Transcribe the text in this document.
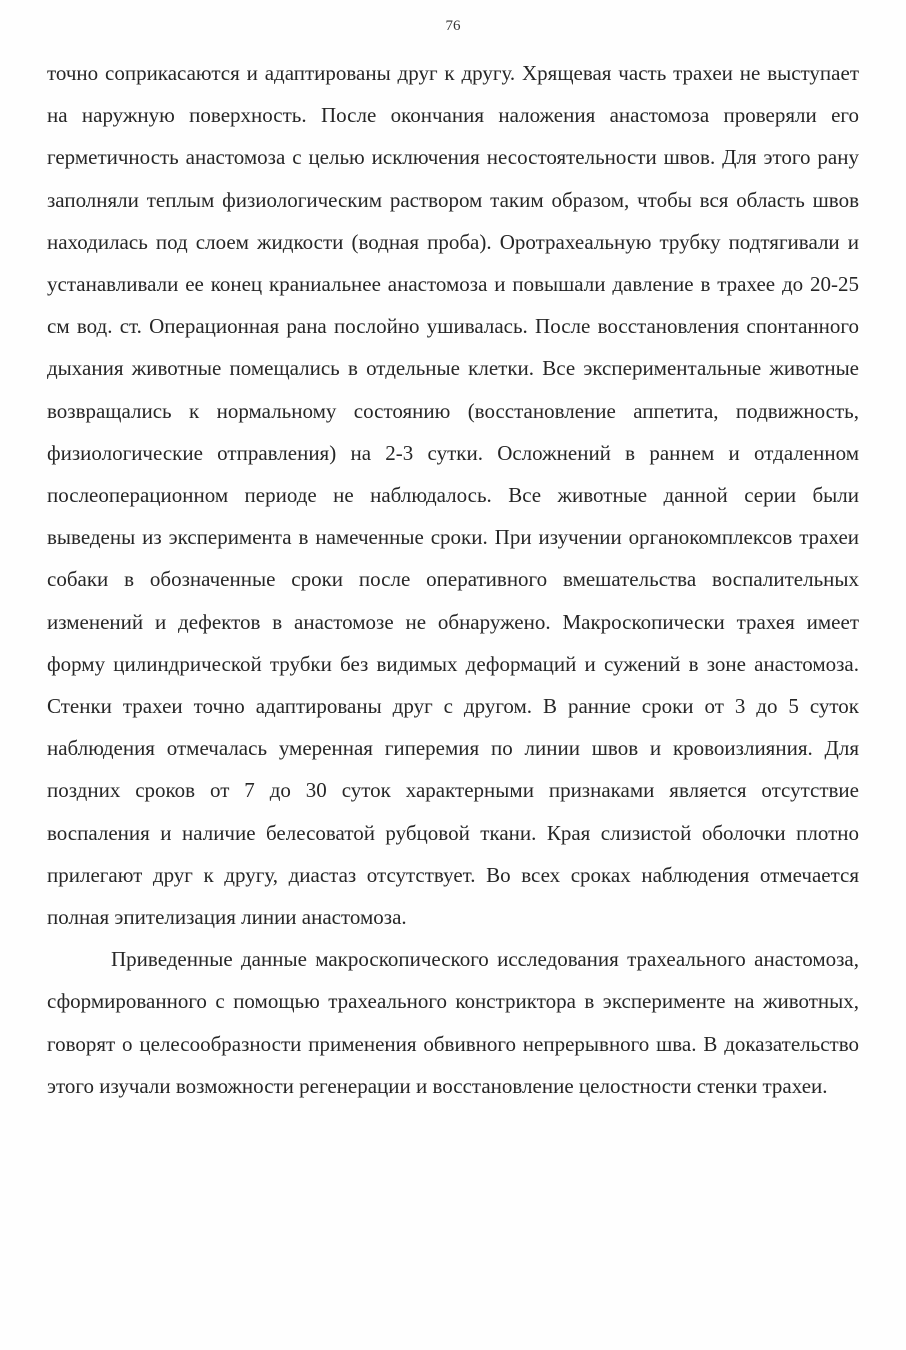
76

точно соприкасаются и адаптированы друг к другу. Хрящевая часть трахеи не выступает на наружную поверхность. После окончания наложения анастомоза проверяли его герметичность анастомоза с целью исключения несостоятельности швов. Для этого рану заполняли теплым физиологическим раствором таким образом, чтобы вся область швов находилась под слоем жидкости (водная проба). Оротрахеальную трубку подтягивали и устанавливали ее конец краниальнее анастомоза и повышали давление в трахее до 20-25 см вод. ст. Операционная рана послойно ушивалась. После восстановления спонтанного дыхания животные помещались в отдельные клетки. Все экспериментальные животные возвращались к нормальному состоянию (восстановление аппетита, подвижность, физиологические отправления) на 2-3 сутки. Осложнений в раннем и отдаленном послеоперационном периоде не наблюдалось. Все животные данной серии были выведены из эксперимента в намеченные сроки. При изучении органокомплексов трахеи собаки в обозначенные сроки после оперативного вмешательства воспалительных изменений и дефектов в анастомозе не обнаружено. Макроскопически трахея имеет форму цилиндрической трубки без видимых деформаций и сужений в зоне анастомоза. Стенки трахеи точно адаптированы друг с другом. В ранние сроки от 3 до 5 суток наблюдения отмечалась умеренная гиперемия по линии швов и кровоизлияния. Для поздних сроков от 7 до 30 суток характерными признаками является отсутствие воспаления и наличие белесоватой рубцовой ткани. Края слизистой оболочки плотно прилегают друг к другу, диастаз отсутствует. Во всех сроках наблюдения отмечается полная эпителизация линии анастомоза.

Приведенные данные макроскопического исследования трахеального анастомоза, сформированного с помощью трахеального констриктора в эксперименте на животных, говорят о целесообразности применения обвивного непрерывного шва. В доказательство этого изучали возможности регенерации и восстановление целостности стенки трахеи.
